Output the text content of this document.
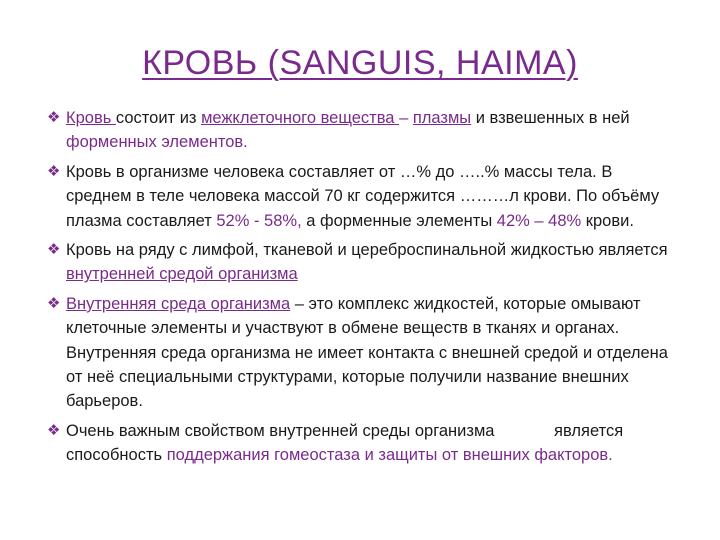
КРОВЬ (SANGUIS, HAIMA)
❖ Кровь состоит из межклеточного вещества – плазмы и взвешенных в ней форменных элементов.
❖ Кровь в организме человека составляет от …% до …..% массы тела. В среднем в теле человека массой 70 кг содержится ………л крови. По объёму плазма составляет 52% - 58%, а форменные элементы 42% – 48% крови.
❖ Кровь на ряду с лимфой, тканевой и цереброспинальной жидкостью является внутренней средой организма
❖ Внутренняя среда организма – это комплекс жидкостей, которые омывают клеточные элементы и участвуют в обмене веществ в тканях и органах. Внутренняя среда организма не имеет контакта с внешней средой и отделена от неё специальными структурами, которые получили название внешних барьеров.
❖ Очень важным свойством внутренней среды организма             является способность поддержания гомеостаза и защиты от внешних факторов.
